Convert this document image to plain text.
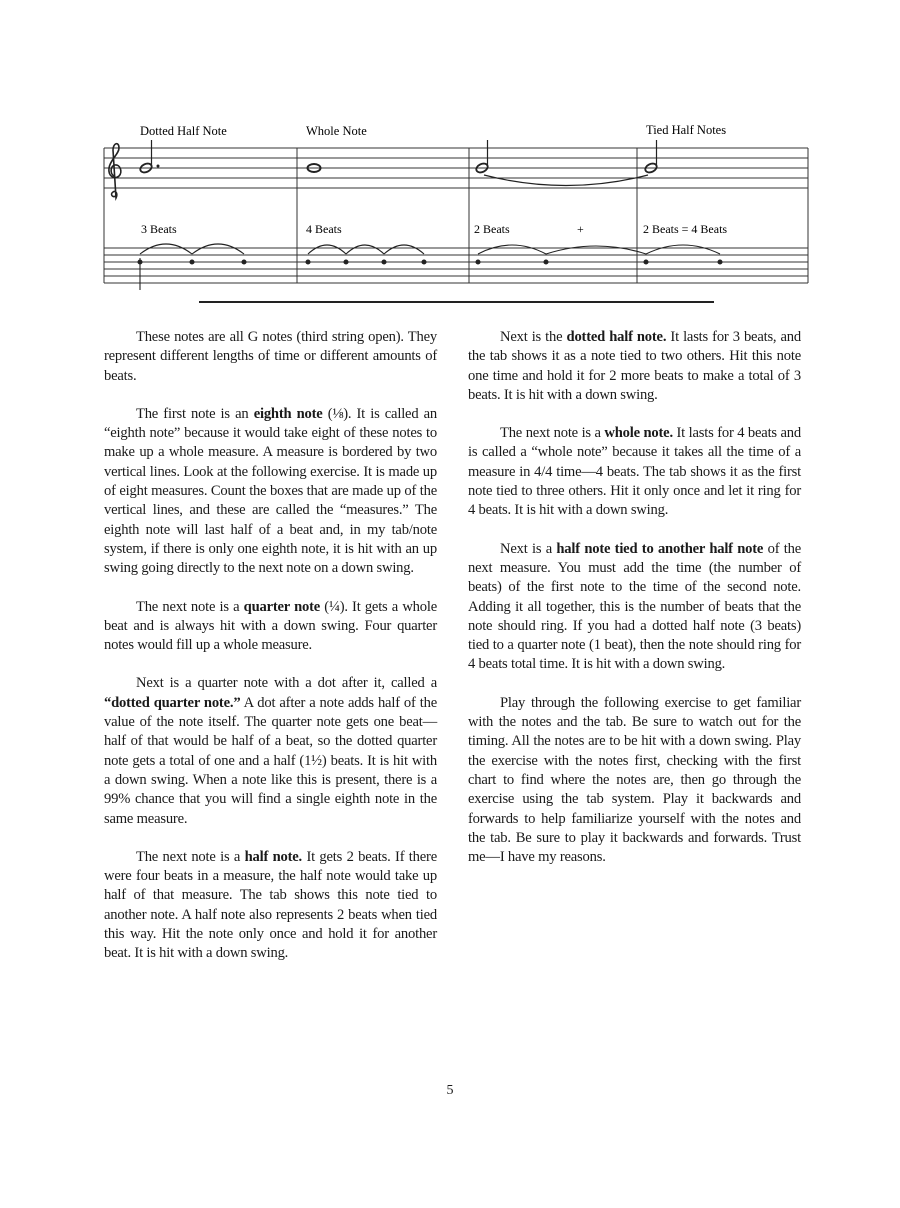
Dotted Half Note	Whole Note	Tied Half Notes
3 Beats	4 Beats	2 Beats	+	2 Beats = 4 Beats

These notes are all G notes (third string open). They represent different lengths of time or different amounts of beats.

The first note is an eighth note (⅛). It is called an “eighth note” because it would take eight of these notes to make up a whole measure. A measure is bordered by two vertical lines. Look at the following exercise. It is made up of eight measures. Count the boxes that are made up of the vertical lines, and these are called the “measures.” The eighth note will last half of a beat and, in my tab/note system, if there is only one eighth note, it is hit with an up swing going directly to the next note on a down swing.

The next note is a quarter note (¼). It gets a whole beat and is always hit with a down swing. Four quarter notes would fill up a whole measure.

Next is a quarter note with a dot after it, called a “dotted quarter note.” A dot after a note adds half of the value of the note itself. The quarter note gets one beat—half of that would be half of a beat, so the dotted quarter note gets a total of one and a half (1½) beats. It is hit with a down swing. When a note like this is present, there is a 99% chance that you will find a single eighth note in the same measure.

The next note is a half note. It gets 2 beats. If there were four beats in a measure, the half note would take up half of that measure. The tab shows this note tied to another note. A half note also represents 2 beats when tied this way. Hit the note only once and hold it for another beat. It is hit with a down swing.

Next is the dotted half note. It lasts for 3 beats, and the tab shows it as a note tied to two others. Hit this note one time and hold it for 2 more beats to make a total of 3 beats. It is hit with a down swing.

The next note is a whole note. It lasts for 4 beats and is called a “whole note” because it takes all the time of a measure in 4/4 time—4 beats. The tab shows it as the first note tied to three others. Hit it only once and let it ring for 4 beats. It is hit with a down swing.

Next is a half note tied to another half note of the next measure. You must add the time (the number of beats) of the first note to the time of the second note. Adding it all together, this is the number of beats that the note should ring. If you had a dotted half note (3 beats) tied to a quarter note (1 beat), then the note should ring for 4 beats total time. It is hit with a down swing.

Play through the following exercise to get familiar with the notes and the tab. Be sure to watch out for the timing. All the notes are to be hit with a down swing. Play the exercise with the notes first, checking with the first chart to find where the notes are, then go through the exercise using the tab system. Play it backwards and forwards to help familiarize yourself with the notes and the tab. Be sure to play it backwards and forwards. Trust me—I have my reasons.

5
